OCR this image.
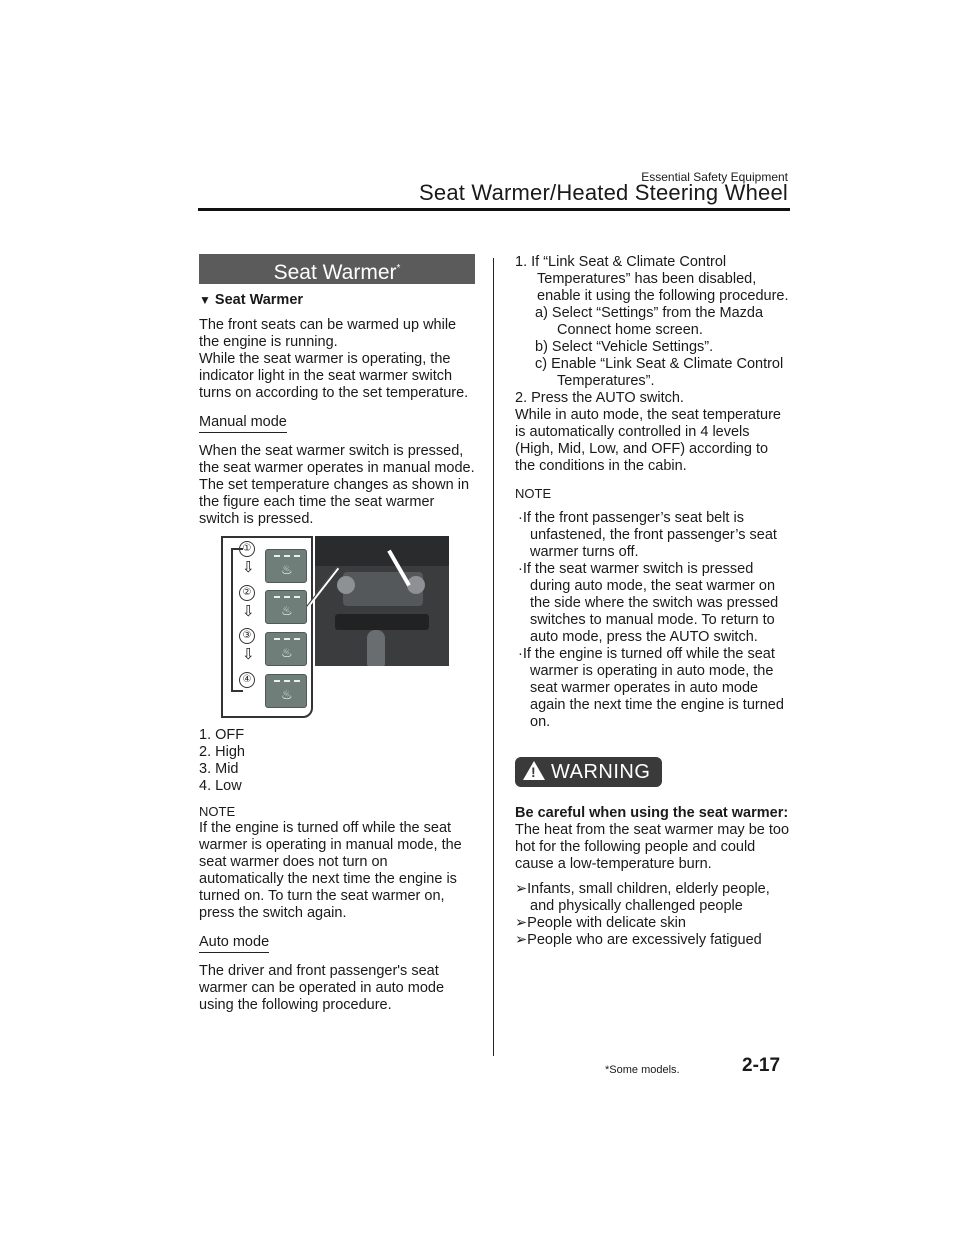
Essential Safety Equipment
Seat Warmer/Heated Steering Wheel
Seat Warmer*
▼ Seat Warmer

The front seats can be warmed up while the engine is running.

While the seat warmer is operating, the indicator light in the seat warmer switch turns on according to the set temperature.

Manual mode

When the seat warmer switch is pressed, the seat warmer operates in manual mode.

The set temperature changes as shown in the figure each time the seat warmer switch is pressed.

①
⇩
②
⇩
③
⇩
④
♨
♨
♨
♨
1. OFF
2. High
3. Mid
4. Low
NOTE

If the engine is turned off while the seat warmer is operating in manual mode, the seat warmer does not turn on automatically the next time the engine is turned on. To turn the seat warmer on, press the switch again.

Auto mode

The driver and front passenger's seat warmer can be operated in auto mode using the following procedure.

1. If “Link Seat & Climate Control Temperatures” has been disabled, enable it using the following procedure.

a) Select “Settings” from the Mazda Connect home screen.

b) Select “Vehicle Settings”.

c) Enable “Link Seat & Climate Control Temperatures”.

2. Press the AUTO switch.

While in auto mode, the seat temperature is automatically controlled in 4 levels (High, Mid, Low, and OFF) according to the conditions in the cabin.

NOTE

·If the front passenger’s seat belt is unfastened, the front passenger’s seat warmer turns off.

·If the seat warmer switch is pressed during auto mode, the seat warmer on the side where the switch was pressed switches to manual mode. To return to auto mode, press the AUTO switch.

·If the engine is turned off while the seat warmer is operating in auto mode, the seat warmer operates in auto mode again the next time the engine is turned on.

! WARNING
Be careful when using the seat warmer:

The heat from the seat warmer may be too hot for the following people and could cause a low-temperature burn.

➢Infants, small children, elderly people, and physically challenged people

➢People with delicate skin

➢People who are excessively fatigued

*Some models.	2-17
